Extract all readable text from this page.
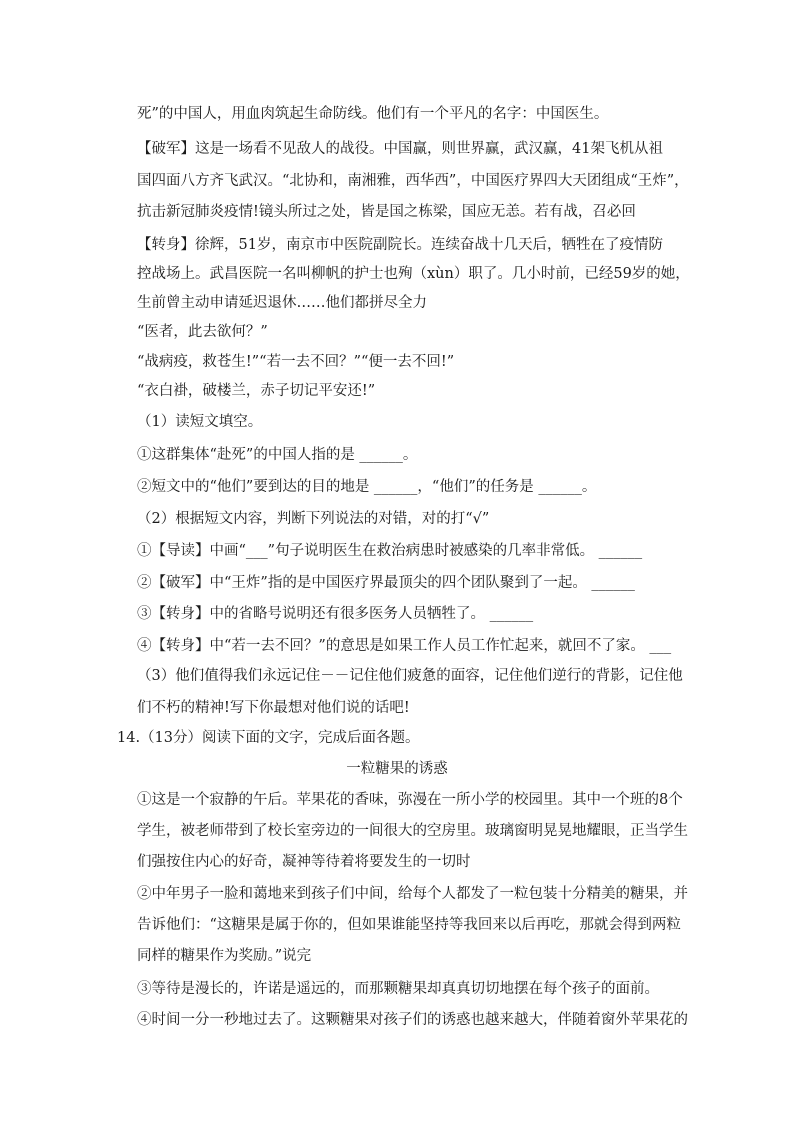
死”的中国人，用血肉筑起生命防线。他们有一个平凡的名字：中国医生。
【破军】这是一场看不见敌人的战役。中国赢，则世界赢，武汉赢，41架飞机从祖
国四面八方齐飞武汉。“北协和，南湘雅，西华西”，中国医疗界四大天团组成“王炸”，
抗击新冠肺炎疫情!镜头所过之处，皆是国之栋梁，国应无恙。若有战，召必回
【转身】徐辉，51岁，南京市中医院副院长。连续奋战十几天后，牺牲在了疫情防
控战场上。武昌医院一名叫柳帆的护士也殉（xùn）职了。几小时前，已经59岁的她，
生前曾主动申请延迟退休……他们都拼尽全力
“医者，此去欲何？”
“战病疫，救苍生!”“若一去不回？”“便一去不回!”
“衣白褂，破楼兰，赤子切记平安还!”
（1）读短文填空。
①这群集体“赴死”的中国人指的是 ______。
②短文中的“他们”要到达的目的地是 ______，“他们”的任务是 ______。
（2）根据短文内容，判断下列说法的对错，对的打“√”
①【导读】中画“___”句子说明医生在救治病患时被感染的几率非常低。 ______
②【破军】中“王炸”指的是中国医疗界最顶尖的四个团队聚到了一起。 ______
③【转身】中的省略号说明还有很多医务人员牺牲了。 ______
④【转身】中“若一去不回？”的意思是如果工作人员工作忙起来，就回不了家。 ___
（3）他们值得我们永远记住－－记住他们疲惫的面容，记住他们逆行的背影，记住他
们不朽的精神!写下你最想对他们说的话吧!
14.（13分）阅读下面的文字，完成后面各题。
一粒糖果的诱惑
①这是一个寂静的午后。苹果花的香味，弥漫在一所小学的校园里。其中一个班的8个
学生，被老师带到了校长室旁边的一间很大的空房里。玻璃窗明晃晃地耀眼，正当学生
们强按住内心的好奇，凝神等待着将要发生的一切时
②中年男子一脸和蔼地来到孩子们中间，给每个人都发了一粒包装十分精美的糖果，并
告诉他们：“这糖果是属于你的，但如果谁能坚持等我回来以后再吃，那就会得到两粒
同样的糖果作为奖励。”说完
③等待是漫长的，许诺是遥远的，而那颗糖果却真真切切地摆在每个孩子的面前。
④时间一分一秒地过去了。这颗糖果对孩子们的诱惑也越来越大，伴随着窗外苹果花的
